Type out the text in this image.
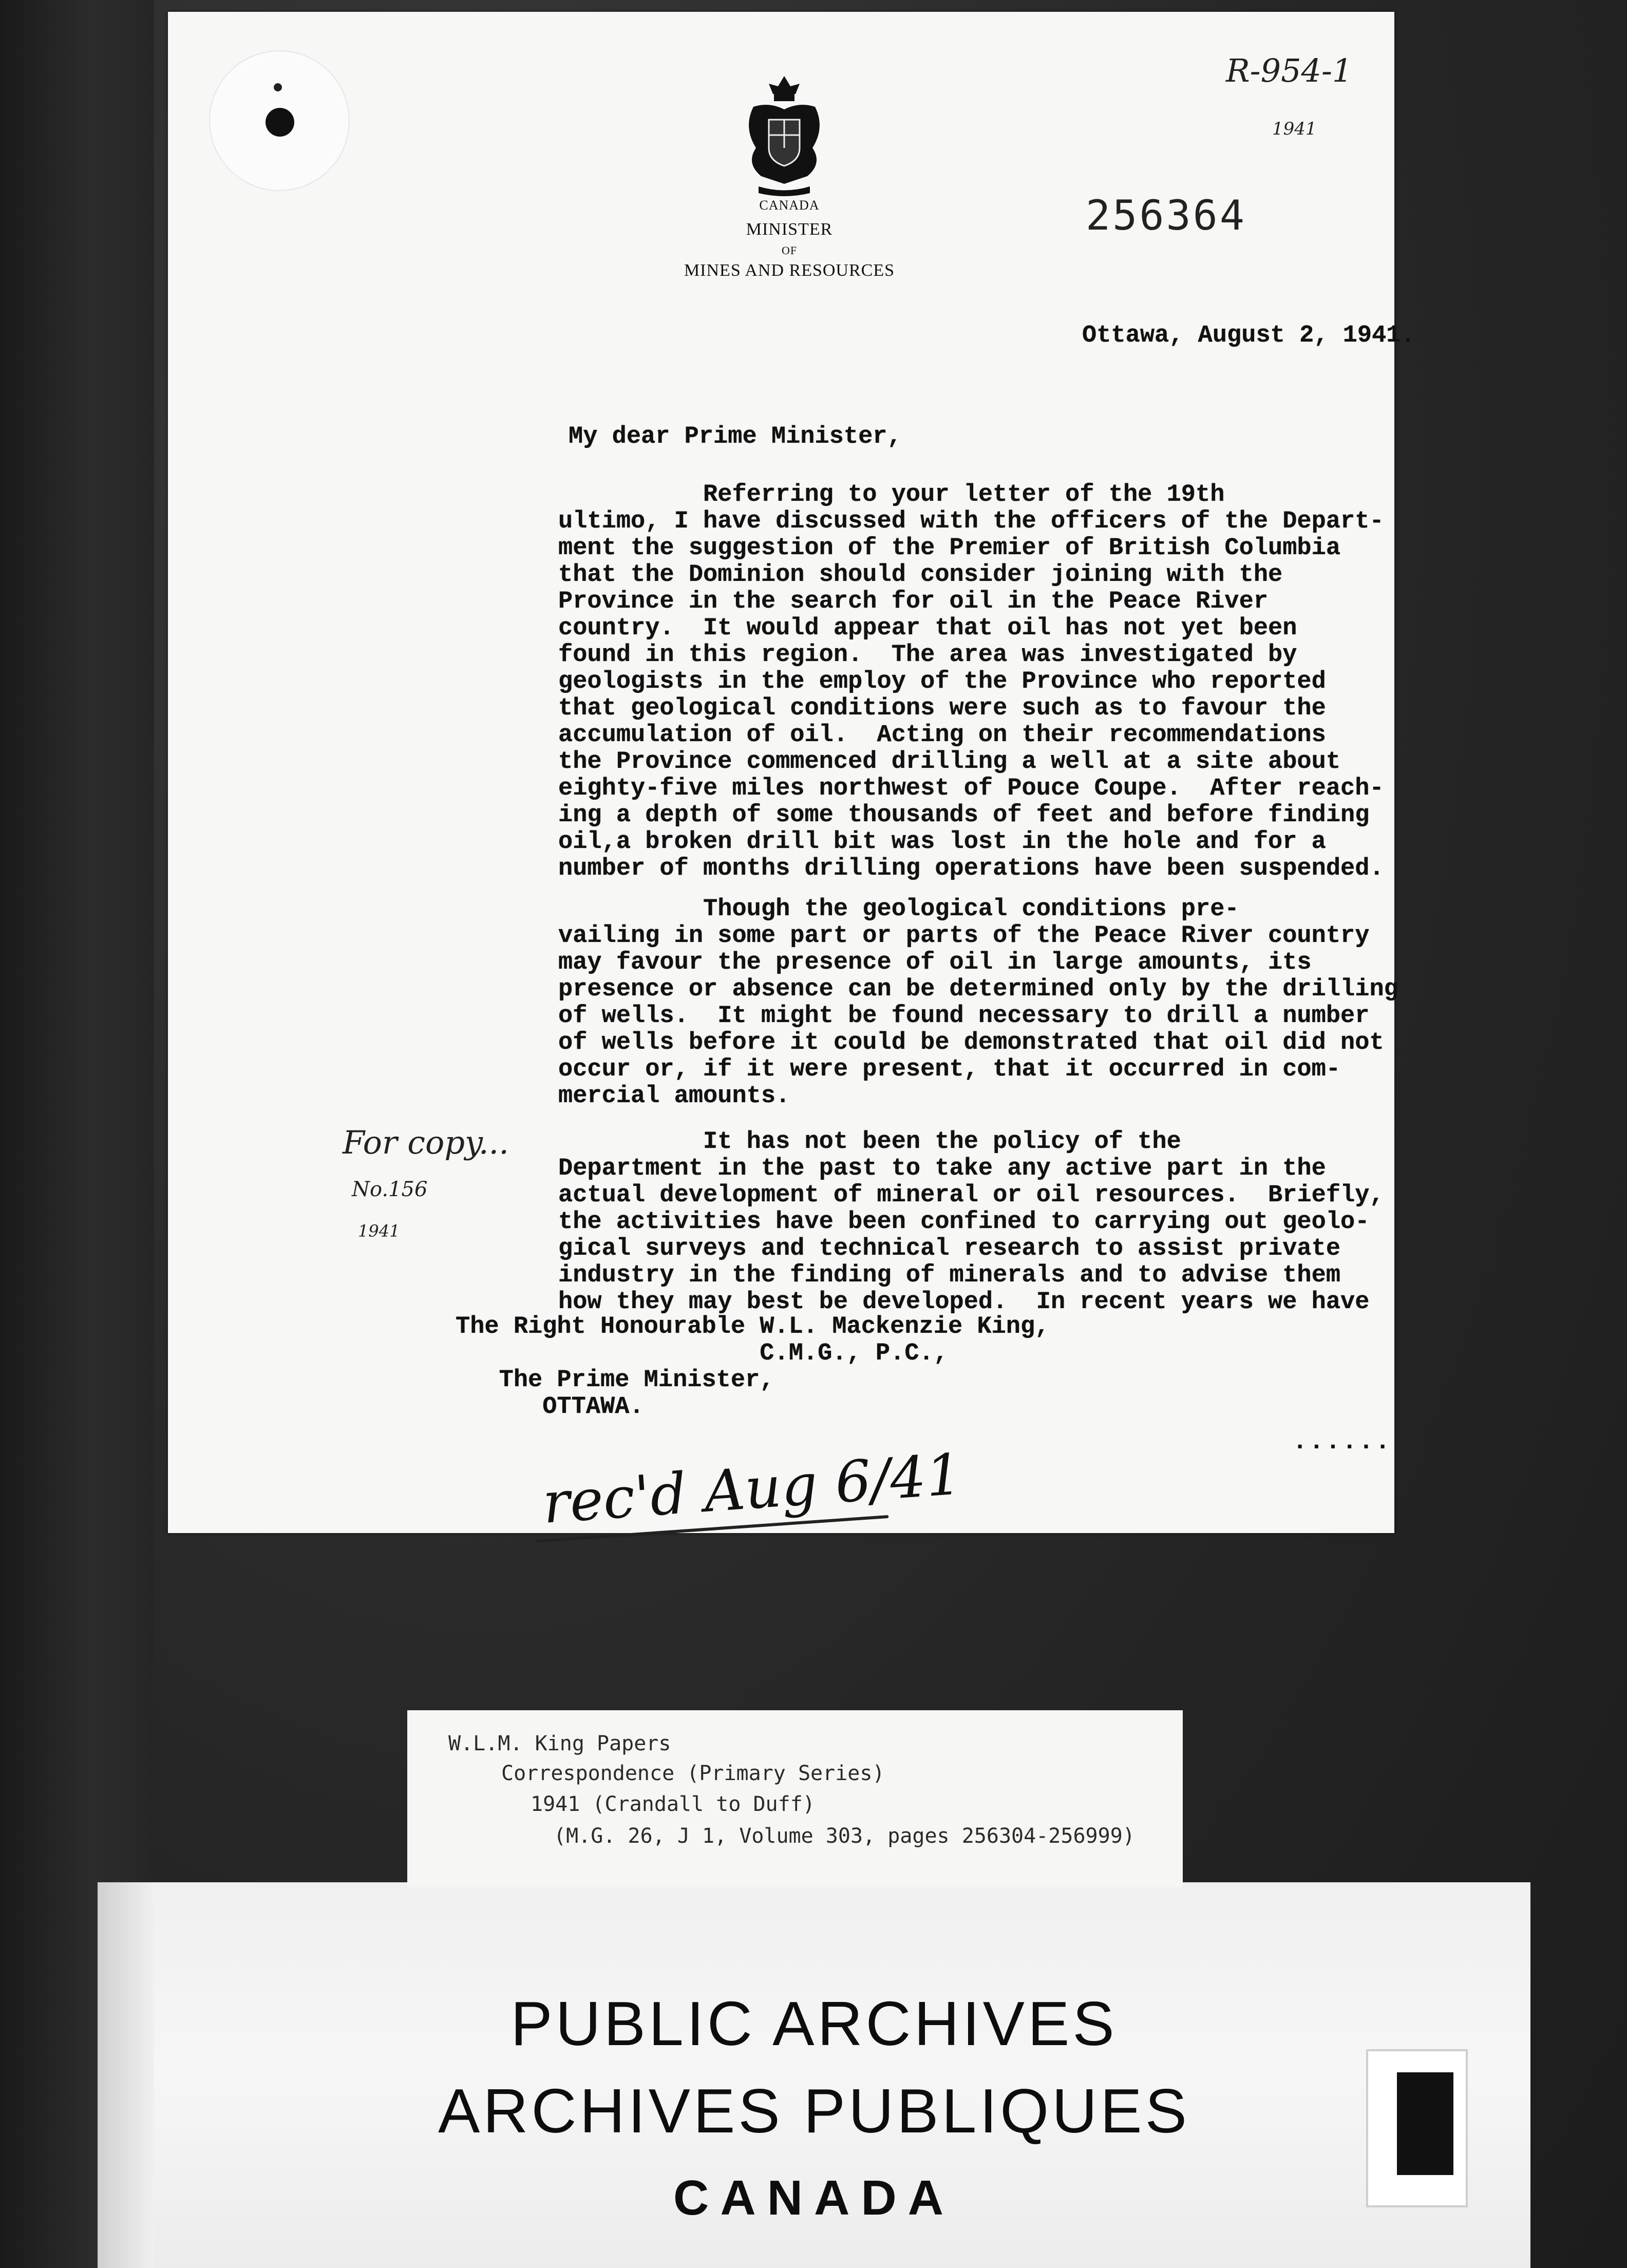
CANADA
MINISTER
OF
MINES AND RESOURCES
256364
R-954-1
1941
Ottawa, August 2, 1941.
My dear Prime Minister,
Referring to your letter of the 19th
ultimo, I have discussed with the officers of the Depart-
ment the suggestion of the Premier of British Columbia
that the Dominion should consider joining with the
Province in the search for oil in the Peace River
country.  It would appear that oil has not yet been
found in this region.  The area was investigated by
geologists in the employ of the Province who reported
that geological conditions were such as to favour the
accumulation of oil.  Acting on their recommendations
the Province commenced drilling a well at a site about
eighty-five miles northwest of Pouce Coupe.  After reach-
ing a depth of some thousands of feet and before finding
oil,a broken drill bit was lost in the hole and for a
number of months drilling operations have been suspended.
Though the geological conditions pre-
vailing in some part or parts of the Peace River country
may favour the presence of oil in large amounts, its
presence or absence can be determined only by the drilling
of wells.  It might be found necessary to drill a number
of wells before it could be demonstrated that oil did not
occur or, if it were present, that it occurred in com-
mercial amounts.
It has not been the policy of the
Department in the past to take any active part in the
actual development of mineral or oil resources.  Briefly,
the activities have been confined to carrying out geolo-
gical surveys and technical research to assist private
industry in the finding of minerals and to advise them
how they may best be developed.  In recent years we have
The Right Honourable W.L. Mackenzie King,
C.M.G., P.C.,
The Prime Minister,
OTTAWA.
......
For copy...
No.156
1941
rec'd Aug 6/41
PUBLIC ARCHIVES
ARCHIVES PUBLIQUES
CANADA
W.L.M. King Papers
Correspondence (Primary Series)
1941 (Crandall to Duff)
(M.G. 26, J 1, Volume 303, pages 256304-256999)
